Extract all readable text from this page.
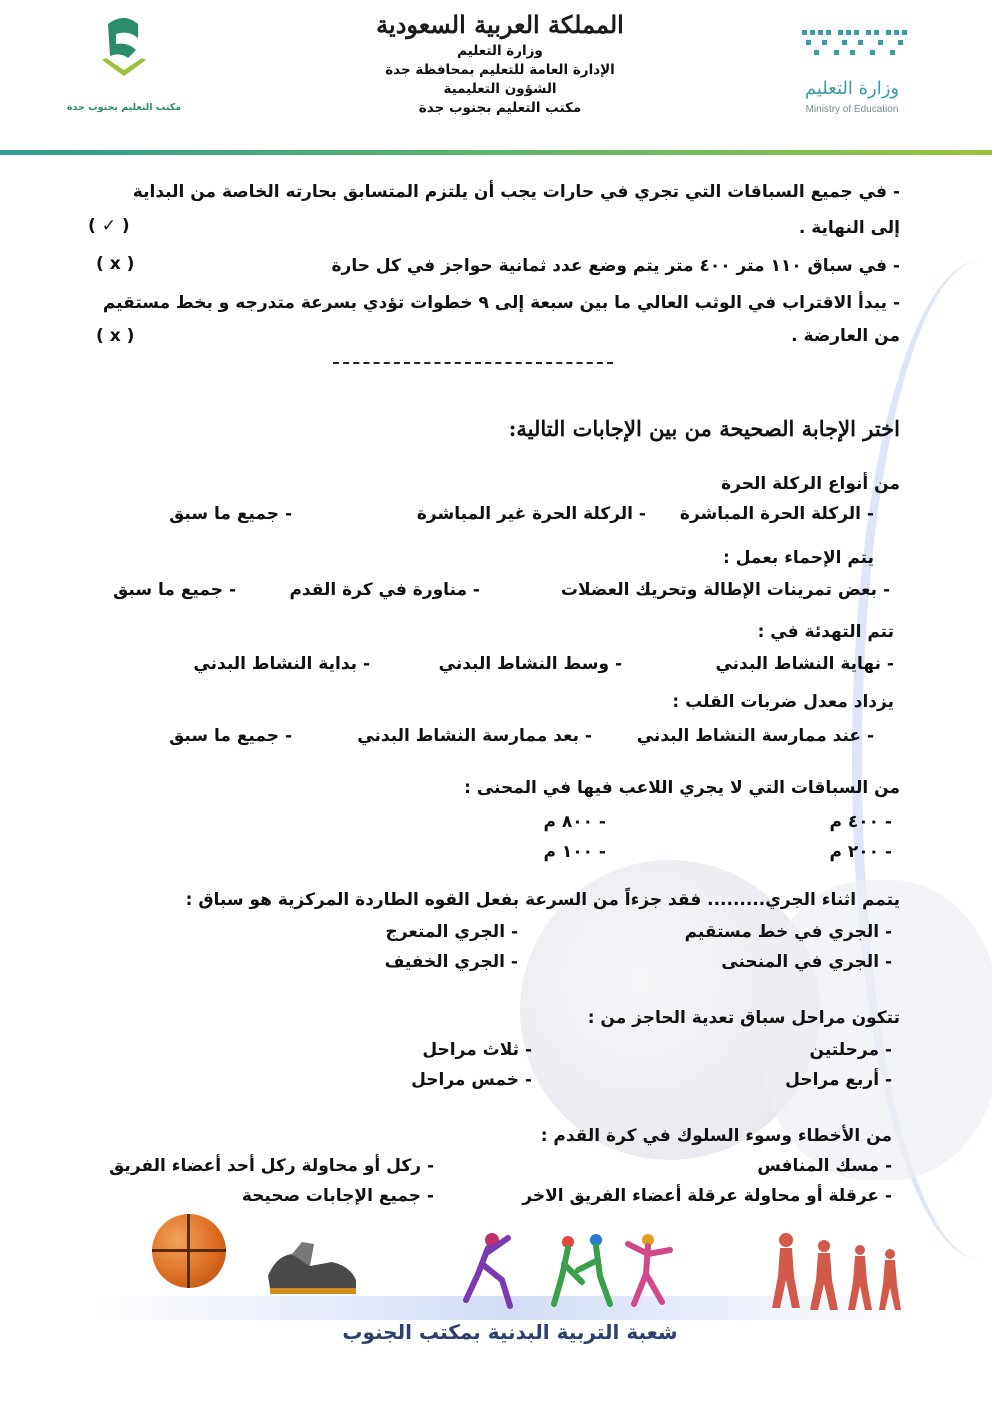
مكتب التعليم بجنوب جدة
المملكة العربية السعودية
وزارة التعليم
الإدارة العامة للتعليم بمحافظة جدة
الشؤون التعليمية
مكتب التعليم بجنوب جدة
وزارة التعليم
Ministry of Education
- في جميع السباقات التي تجري في حارات يجب أن يلتزم المتسابق بحارته الخاصة من البداية
إلى النهاية .
( ✓ )
- في سباق ١١٠ متر ٤٠٠ متر يتم وضع عدد ثمانية حواجز في كل حارة
( x )
- يبدأ الاقتراب في الوثب العالي ما بين سبعة إلى ٩ خطوات تؤدي بسرعة متدرجه و بخط مستقيم
من العارضة .
( x )
اختر الإجابة الصحيحة من بين الإجابات التالية:
من أنواع الركلة الحرة
- الركلة الحرة المباشرة
- الركلة الحرة غير المباشرة
- جميع ما سبق
يتم الإحماء بعمل :
- بعض تمرينات الإطالة وتحريك العضلات
- مناورة في كرة القدم
- جميع ما سبق
تتم التهدئة في :
- نهاية النشاط البدني
- وسط النشاط البدني
- بداية النشاط البدني
يزداد معدل ضربات القلب :
- عند ممارسة النشاط البدني
- بعد ممارسة النشاط البدني
- جميع ما سبق
من السباقات التي لا يجري اللاعب فيها في المحنى :
- ٤٠٠ م
- ٨٠٠ م
- ٢٠٠ م
- ١٠٠ م
يتمم اثناء الجري......... فقد جزءاً من السرعة بفعل القوه الطاردة المركزية هو سباق :
- الجري في خط مستقيم
- الجري المتعرج
- الجري في المنحنى
- الجري الخفيف
تتكون مراحل سباق تعدية الحاجز من :
- مرحلتين
- ثلاث مراحل
- أربع مراحل
- خمس مراحل
من الأخطاء وسوء السلوك في كرة القدم :
- مسك المنافس
- ركل أو محاولة ركل أحد أعضاء الفريق
- عرقلة أو محاولة عرقلة أعضاء الفريق الاخر
- جميع الإجابات صحيحة
شعبة التربية البدنية بمكتب الجنوب
